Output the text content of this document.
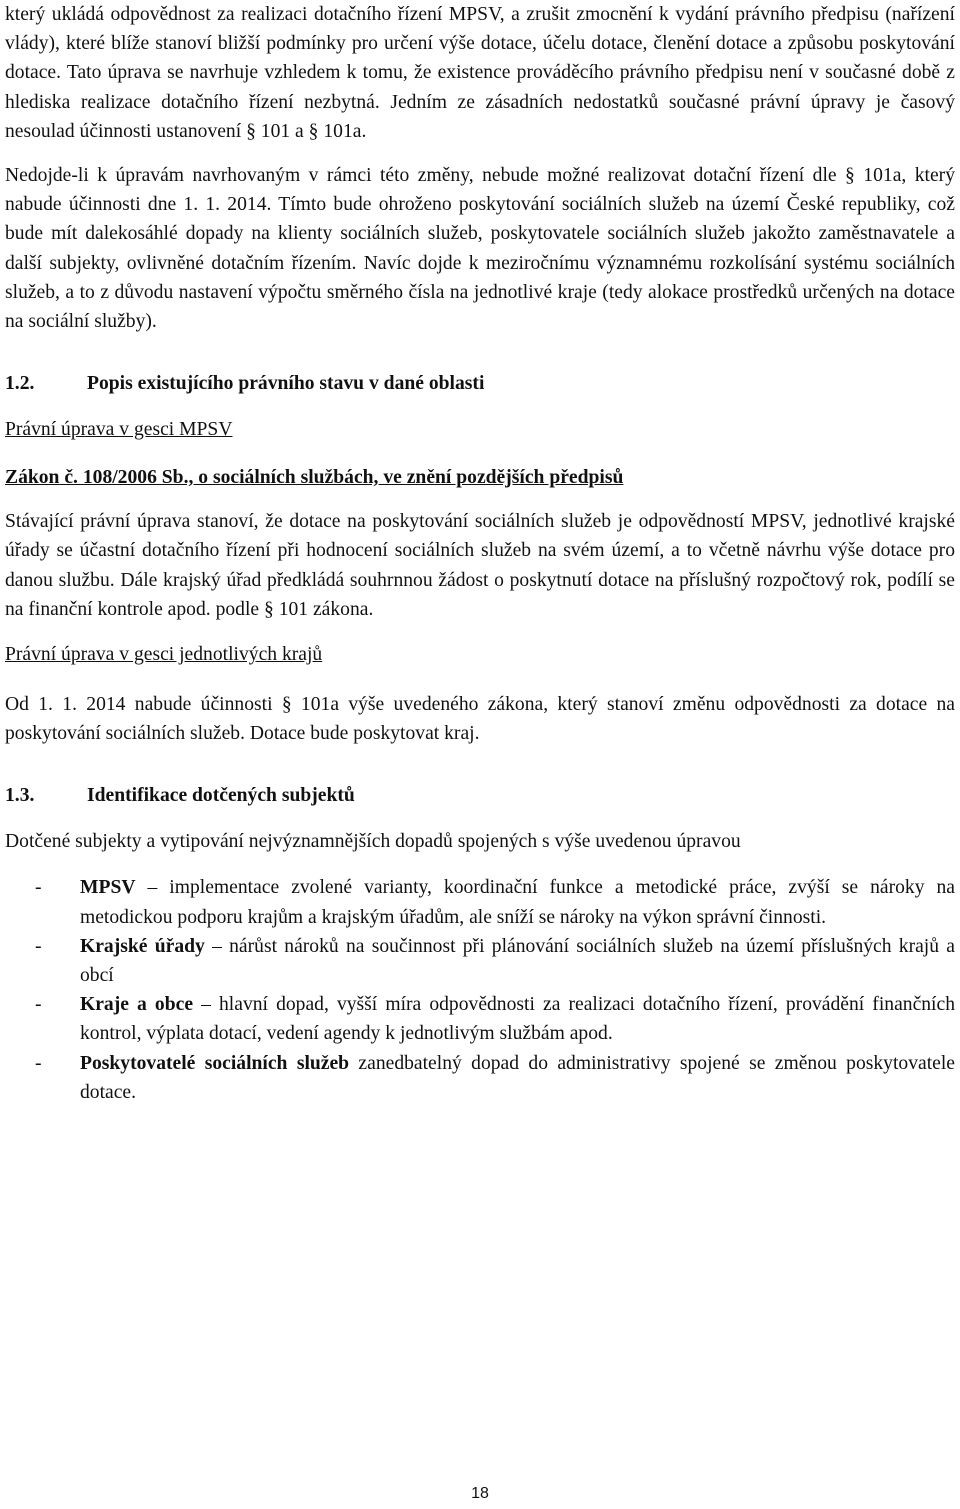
který ukládá odpovědnost za realizaci dotačního řízení MPSV, a zrušit zmocnění k vydání právního předpisu (nařízení vlády), které blíže stanoví bližší podmínky pro určení výše dotace, účelu dotace, členění dotace a způsobu poskytování dotace. Tato úprava se navrhuje vzhledem k tomu, že existence prováděcího právního předpisu není v současné době z hlediska realizace dotačního řízení nezbytná. Jedním ze zásadních nedostatků současné právní úpravy je časový nesoulad účinnosti ustanovení § 101 a § 101a.

Nedojde-li k úpravám navrhovaným v rámci této změny, nebude možné realizovat dotační řízení dle § 101a, který nabude účinnosti dne 1. 1. 2014. Tímto bude ohroženo poskytování sociálních služeb na území České republiky, což bude mít dalekosáhlé dopady na klienty sociálních služeb, poskytovatele sociálních služeb jakožto zaměstnavatele a další subjekty, ovlivněné dotačním řízením. Navíc dojde k meziročnímu významnému rozkolísání systému sociálních služeb, a to z důvodu nastavení výpočtu směrného čísla na jednotlivé kraje (tedy alokace prostředků určených na dotace na sociální služby).

1.2.	Popis existujícího právního stavu v dané oblasti
Právní úprava v gesci MPSV
Zákon č. 108/2006 Sb., o sociálních službách, ve znění pozdějších předpisů

Stávající právní úprava stanoví, že dotace na poskytování sociálních služeb je odpovědností MPSV, jednotlivé krajské úřady se účastní dotačního řízení při hodnocení sociálních služeb na svém území, a to včetně návrhu výše dotace pro danou službu. Dále krajský úřad předkládá souhrnnou žádost o poskytnutí dotace na příslušný rozpočtový rok, podílí se na finanční kontrole apod. podle § 101 zákona.

Právní úprava v gesci jednotlivých krajů

Od 1. 1. 2014 nabude účinnosti § 101a výše uvedeného zákona, který stanoví změnu odpovědnosti za dotace na poskytování sociálních služeb. Dotace bude poskytovat kraj.

1.3.	Identifikace dotčených subjektů

Dotčené subjekty a vytipování nejvýznamnějších dopadů spojených s výše uvedenou úpravou

- MPSV – implementace zvolené varianty, koordinační funkce a metodické práce, zvýší se nároky na metodickou podporu krajům a krajským úřadům, ale sníží se nároky na výkon správní činnosti.
- Krajské úřady – nárůst nároků na součinnost při plánování sociálních služeb na území příslušných krajů a obcí
- Kraje a obce – hlavní dopad, vyšší míra odpovědnosti za realizaci dotačního řízení, provádění finančních kontrol, výplata dotací, vedení agendy k jednotlivým službám apod.
- Poskytovatelé sociálních služeb zanedbatelný dopad do administrativy spojené se změnou poskytovatele dotace.
18
